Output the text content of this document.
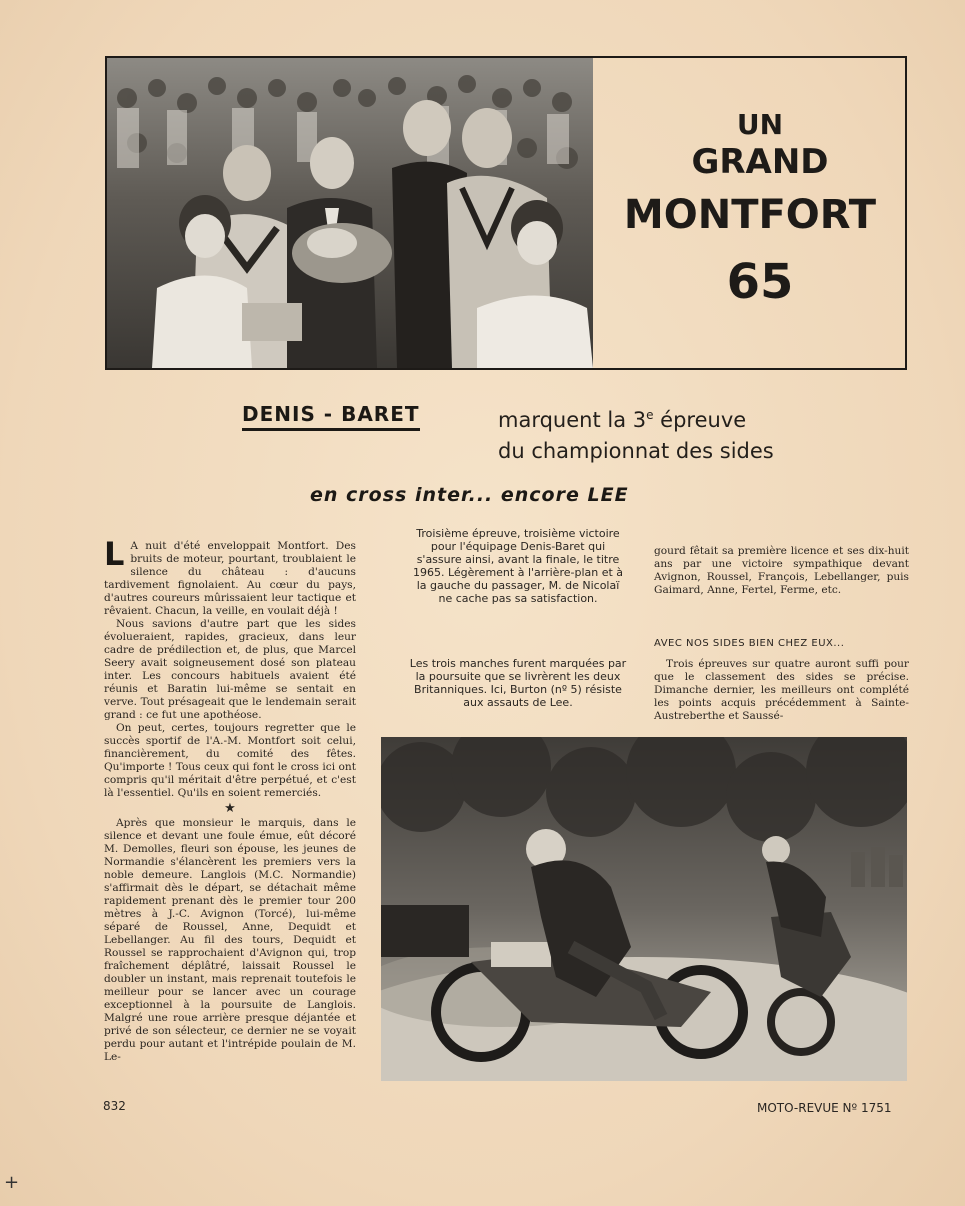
UN
GRAND
MONTFORT
65
DENIS - BARET	marquent la 3e épreuve
du championnat des sides
en cross inter... encore LEE

L A nuit d'été enveloppait Montfort. Des bruits de moteur, pourtant, troublaient le silence du château : d'aucuns tardivement fignolaient. Au cœur du pays, d'autres coureurs mûrissaient leur tactique et rêvaient. Chacun, la veille, en voulait déjà !

Nous savions d'autre part que les sides évolueraient, rapides, gracieux, dans leur cadre de prédilection et, de plus, que Marcel Seery avait soigneusement dosé son plateau inter. Les concours habituels avaient été réunis et Baratin lui-même se sentait en verve. Tout présageait que le lendemain serait grand : ce fut une apothéose.

On peut, certes, toujours regretter que le succès sportif de l'A.-M. Montfort soit celui, financièrement, du comité des fêtes. Qu'importe ! Tous ceux qui font le cross ici ont compris qu'il méritait d'être perpétué, et c'est là l'essentiel. Qu'ils en soient remerciés.

★

Après que monsieur le marquis, dans le silence et devant une foule émue, eût décoré M. Demolles, fleuri son épouse, les jeunes de Normandie s'élancèrent les premiers vers la noble demeure. Langlois (M.C. Normandie) s'affirmait dès le départ, se détachait même rapidement prenant dès le premier tour 200 mètres à J.-C. Avignon (Torcé), lui-même séparé de Roussel, Anne, Dequidt et Lebellanger. Au fil des tours, Dequidt et Roussel se rapprochaient d'Avignon qui, trop fraîchement déplâtré, laissait Roussel le doubler un instant, mais reprenait toutefois le meilleur pour se lancer avec un courage exceptionnel à la poursuite de Langlois. Malgré une roue arrière presque déjantée et privé de son sélecteur, ce dernier ne se voyait perdu pour autant et l'intrépide poulain de M. Le-

Troisième épreuve, troisième victoire pour l'équipage Denis-Baret qui s'assure ainsi, avant la finale, le titre 1965. Légèrement à l'arrière-plan et à la gauche du passager, M. de Nicolaï ne cache pas sa satisfaction.
Les trois manches furent marquées par la poursuite que se livrèrent les deux Britanniques. Ici, Burton (nº 5) résiste aux assauts de Lee.

gourd fêtait sa première licence et ses dix-huit ans par une victoire sympathique devant Avignon, Roussel, François, Lebellanger, puis Gaimard, Anne, Fertel, Ferme, etc.

AVEC NOS SIDES BIEN CHEZ EUX...

Trois épreuves sur quatre auront suffi pour que le classement des sides se précise. Dimanche dernier, les meilleurs ont complété les points acquis précédemment à Sainte-Austreberthe et Saussé-

832	MOTO-REVUE Nº 1751
+
